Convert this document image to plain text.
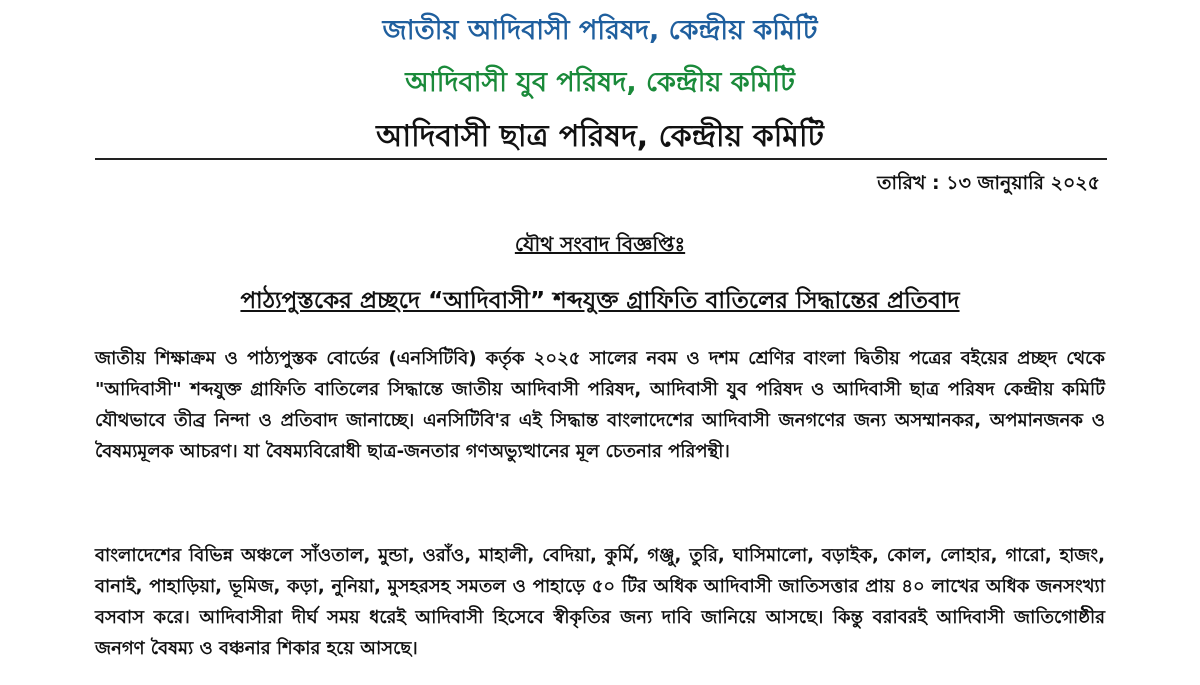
জাতীয় আদিবাসী পরিষদ, কেন্দ্রীয় কমিটি
আদিবাসী যুব পরিষদ, কেন্দ্রীয় কমিটি
আদিবাসী ছাত্র পরিষদ, কেন্দ্রীয় কমিটি
তারিখ : ১৩ জানুয়ারি ২০২৫
যৌথ সংবাদ বিজ্ঞপ্তিঃ
পাঠ্যপুস্তকের প্রচ্ছদে “আদিবাসী” শব্দযুক্ত গ্রাফিতি বাতিলের সিদ্ধান্তের প্রতিবাদ

জাতীয় শিক্ষাক্রম ও পাঠ্যপুস্তক বোর্ডের (এনসিটিবি) কর্তৃক ২০২৫ সালের নবম ও দশম শ্রেণির বাংলা দ্বিতীয় পত্রের বইয়ের প্রচ্ছদ থেকে "আদিবাসী" শব্দযুক্ত গ্রাফিতি বাতিলের সিদ্ধান্তে জাতীয় আদিবাসী পরিষদ, আদিবাসী যুব পরিষদ ও আদিবাসী ছাত্র পরিষদ কেন্দ্রীয় কমিটি যৌথভাবে তীব্র নিন্দা ও প্রতিবাদ জানাচ্ছে। এনসিটিবি'র এই সিদ্ধান্ত বাংলাদেশের আদিবাসী জনগণের জন্য অসম্মানকর, অপমানজনক ও বৈষম্যমূলক আচরণ। যা বৈষম্যবিরোধী ছাত্র-জনতার গণঅভ্যুত্থানের মূল চেতনার পরিপন্থী।

বাংলাদেশের বিভিন্ন অঞ্চলে সাঁওতাল, মুন্ডা, ওরাঁও, মাহালী, বেদিয়া, কুর্মি, গঞ্জু, তুরি, ঘাসিমালো, বড়াইক, কোল, লোহার, গারো, হাজং, বানাই, পাহাড়িয়া, ভূমিজ, কড়া, নুনিয়া, মুসহরসহ সমতল ও পাহাড়ে ৫০ টির অধিক আদিবাসী জাতিসত্তার প্রায় ৪০ লাখের অধিক জনসংখ্যা বসবাস করে। আদিবাসীরা দীর্ঘ সময় ধরেই আদিবাসী হিসেবে স্বীকৃতির জন্য দাবি জানিয়ে আসছে। কিন্তু বরাবরই আদিবাসী জাতিগোষ্ঠীর জনগণ বৈষম্য ও বঞ্চনার শিকার হয়ে আসছে।
